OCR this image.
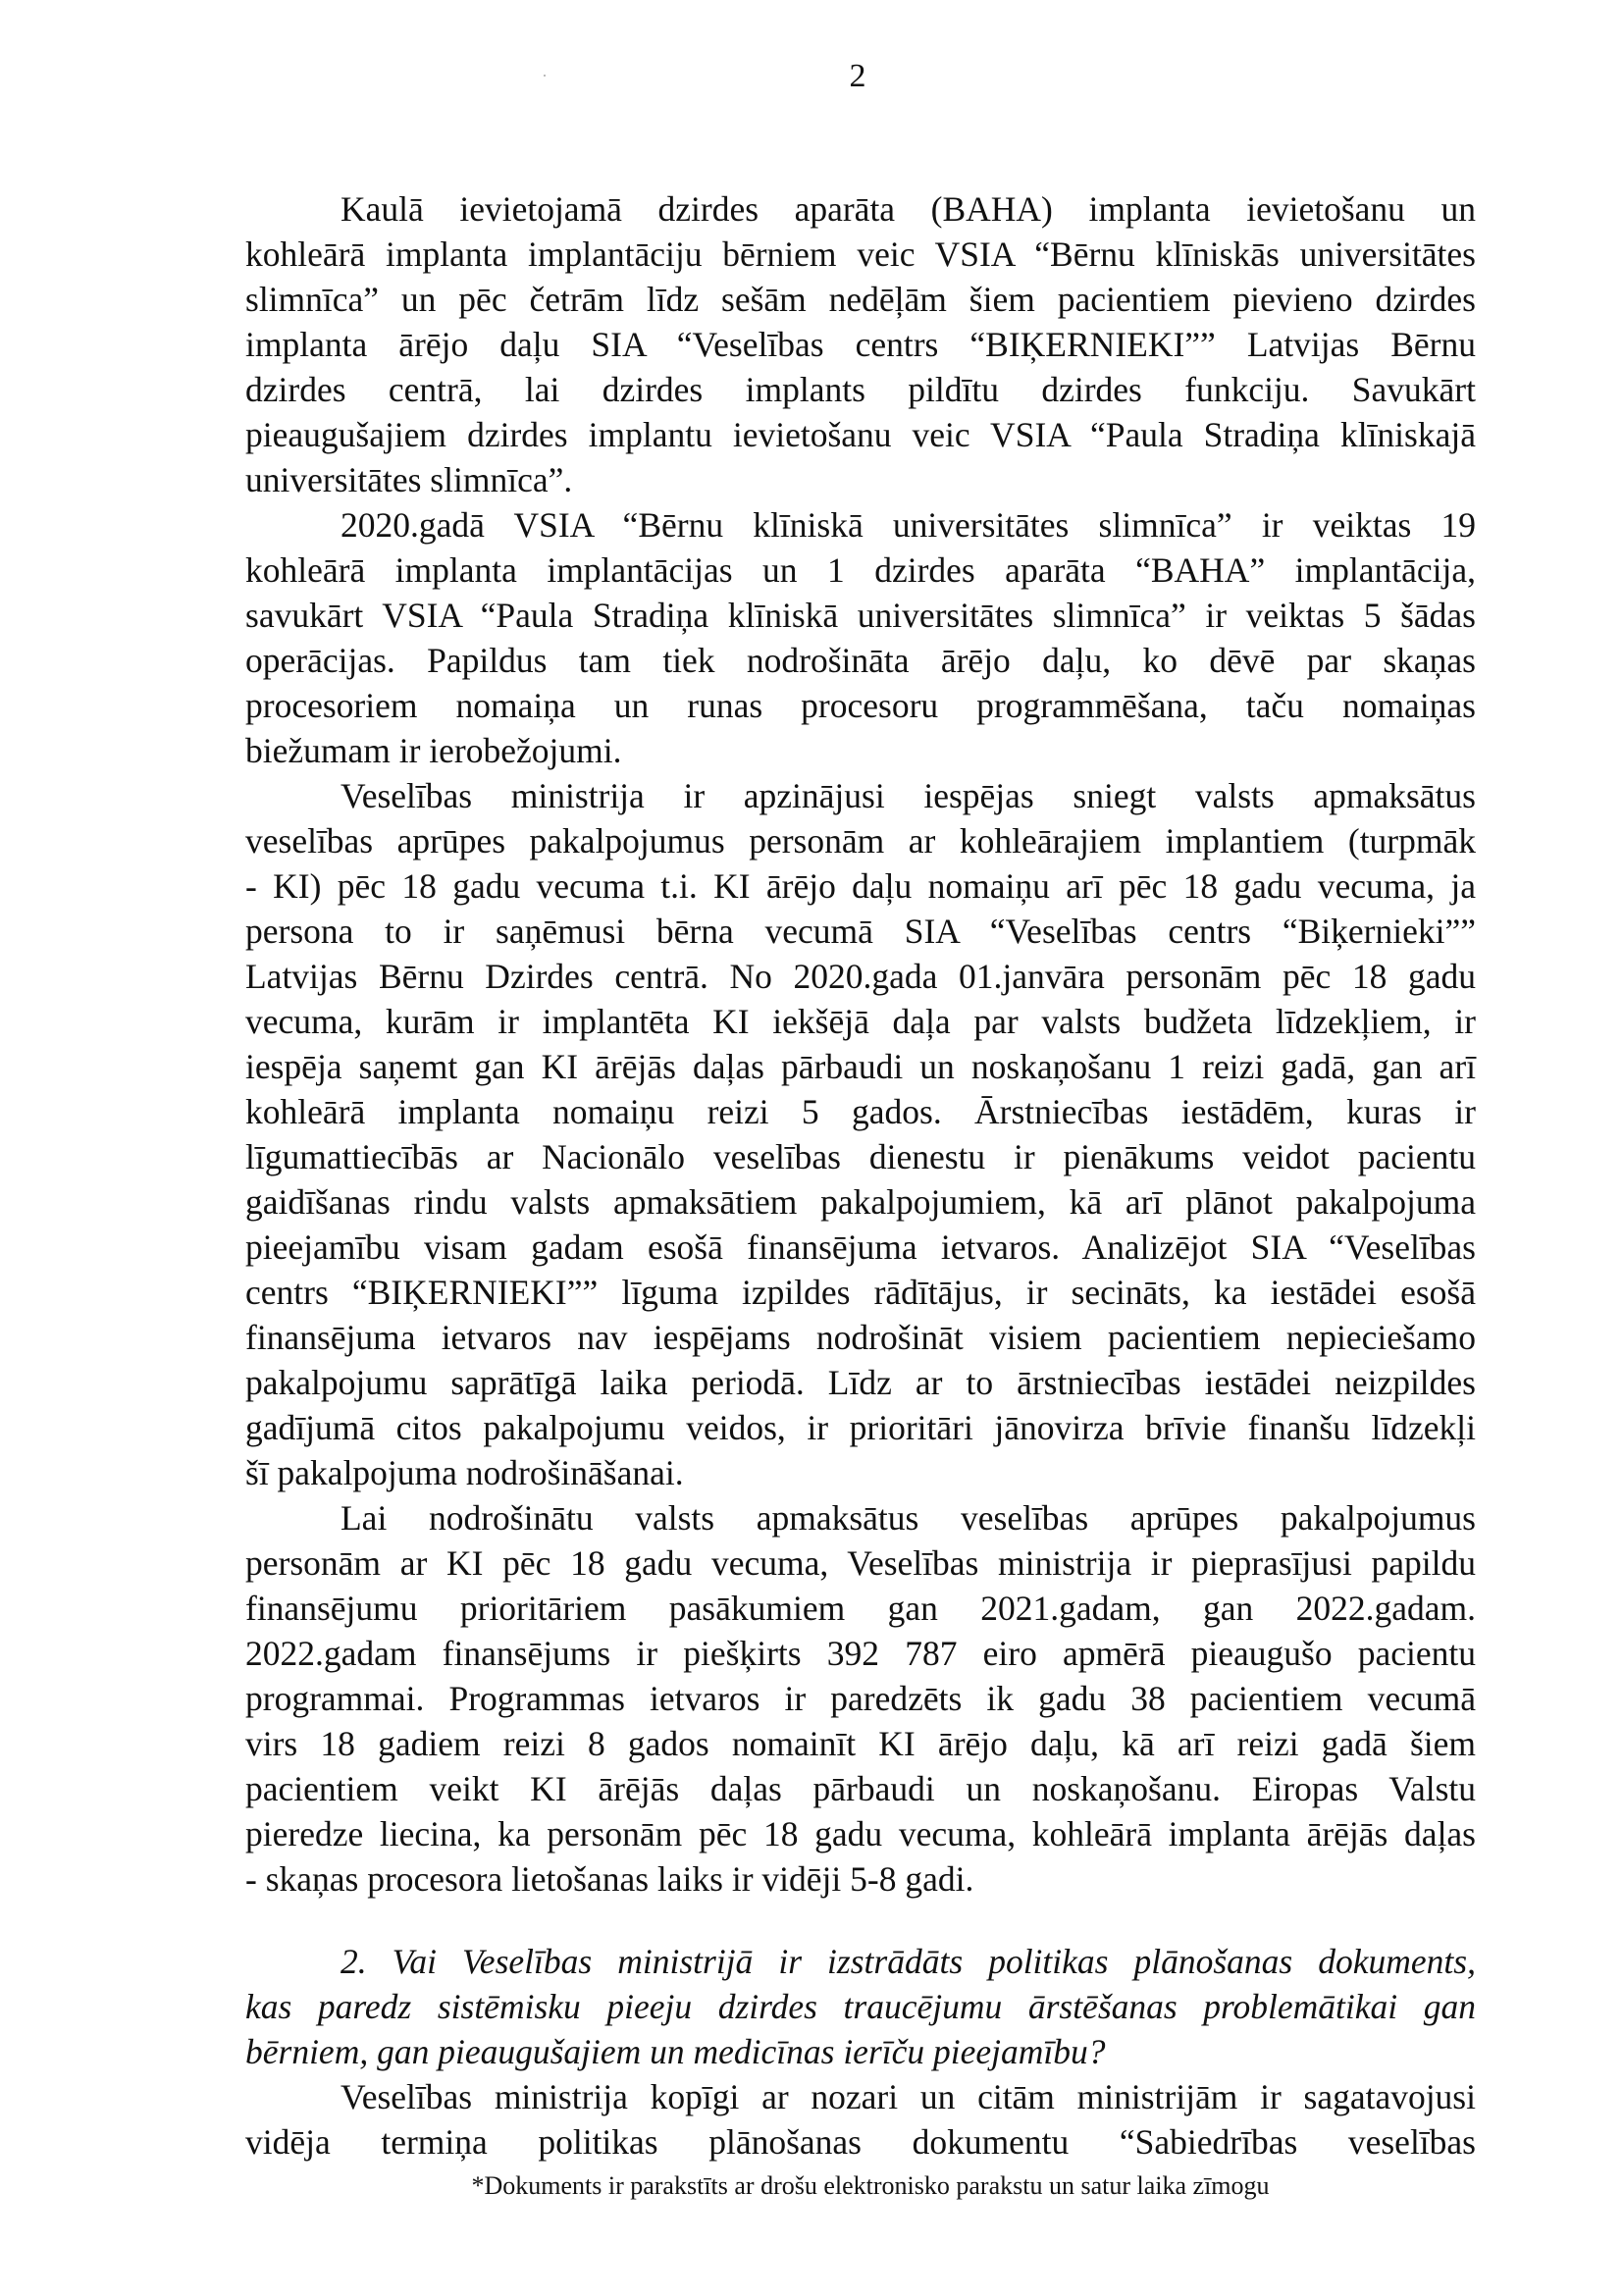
2
Kaulā ievietojamā dzirdes aparāta (BAHA) implanta ievietošanu un
kohleārā implanta implantāciju bērniem veic VSIA “Bērnu klīniskās universitātes
slimnīca” un pēc četrām līdz sešām nedēļām šiem pacientiem pievieno dzirdes
implanta ārējo daļu SIA “Veselības centrs “BIĶERNIEKI”” Latvijas Bērnu
dzirdes centrā, lai dzirdes implants pildītu dzirdes funkciju. Savukārt
pieaugušajiem dzirdes implantu ievietošanu veic VSIA “Paula Stradiņa klīniskajā
universitātes slimnīca”.
2020.gadā VSIA “Bērnu klīniskā universitātes slimnīca” ir veiktas 19
kohleārā implanta implantācijas un 1 dzirdes aparāta “BAHA” implantācija,
savukārt VSIA “Paula Stradiņa klīniskā universitātes slimnīca” ir veiktas 5 šādas
operācijas. Papildus tam tiek nodrošināta ārējo daļu, ko dēvē par skaņas
procesoriem nomaiņa un runas procesoru programmēšana, taču nomaiņas
biežumam ir ierobežojumi.
Veselības ministrija ir apzinājusi iespējas sniegt valsts apmaksātus
veselības aprūpes pakalpojumus personām ar kohleārajiem implantiem (turpmāk
- KI) pēc 18 gadu vecuma t.i. KI ārējo daļu nomaiņu arī pēc 18 gadu vecuma, ja
persona to ir saņēmusi bērna vecumā SIA “Veselības centrs “Biķernieki””
Latvijas Bērnu Dzirdes centrā. No 2020.gada 01.janvāra personām pēc 18 gadu
vecuma, kurām ir implantēta KI iekšējā daļa par valsts budžeta līdzekļiem, ir
iespēja saņemt gan KI ārējās daļas pārbaudi un noskaņošanu 1 reizi gadā, gan arī
kohleārā implanta nomaiņu reizi 5 gados. Ārstniecības iestādēm, kuras ir
līgumattiecībās ar Nacionālo veselības dienestu ir pienākums veidot pacientu
gaidīšanas rindu valsts apmaksātiem pakalpojumiem, kā arī plānot pakalpojuma
pieejamību visam gadam esošā finansējuma ietvaros. Analizējot SIA “Veselības
centrs “BIĶERNIEKI”” līguma izpildes rādītājus, ir secināts, ka iestādei esošā
finansējuma ietvaros nav iespējams nodrošināt visiem pacientiem nepieciešamo
pakalpojumu saprātīgā laika periodā. Līdz ar to ārstniecības iestādei neizpildes
gadījumā citos pakalpojumu veidos, ir prioritāri jānovirza brīvie finanšu līdzekļi
šī pakalpojuma nodrošināšanai.
Lai nodrošinātu valsts apmaksātus veselības aprūpes pakalpojumus
personām ar KI pēc 18 gadu vecuma, Veselības ministrija ir pieprasījusi papildu
finansējumu prioritāriem pasākumiem gan 2021.gadam, gan 2022.gadam.
2022.gadam finansējums ir piešķirts 392 787 eiro apmērā pieaugušo pacientu
programmai. Programmas ietvaros ir paredzēts ik gadu 38 pacientiem vecumā
virs 18 gadiem reizi 8 gados nomainīt KI ārējo daļu, kā arī reizi gadā šiem
pacientiem veikt KI ārējās daļas pārbaudi un noskaņošanu. Eiropas Valstu
pieredze liecina, ka personām pēc 18 gadu vecuma, kohleārā implanta ārējās daļas
- skaņas procesora lietošanas laiks ir vidēji 5-8 gadi.
2. Vai Veselības ministrijā ir izstrādāts politikas plānošanas dokuments,
kas paredz sistēmisku pieeju dzirdes traucējumu ārstēšanas problemātikai gan
bērniem, gan pieaugušajiem un medicīnas ierīču pieejamību?
Veselības ministrija kopīgi ar nozari un citām ministrijām ir sagatavojusi
vidēja termiņa politikas plānošanas dokumentu “Sabiedrības veselības
*Dokuments ir parakstīts ar drošu elektronisko parakstu un satur laika zīmogu
